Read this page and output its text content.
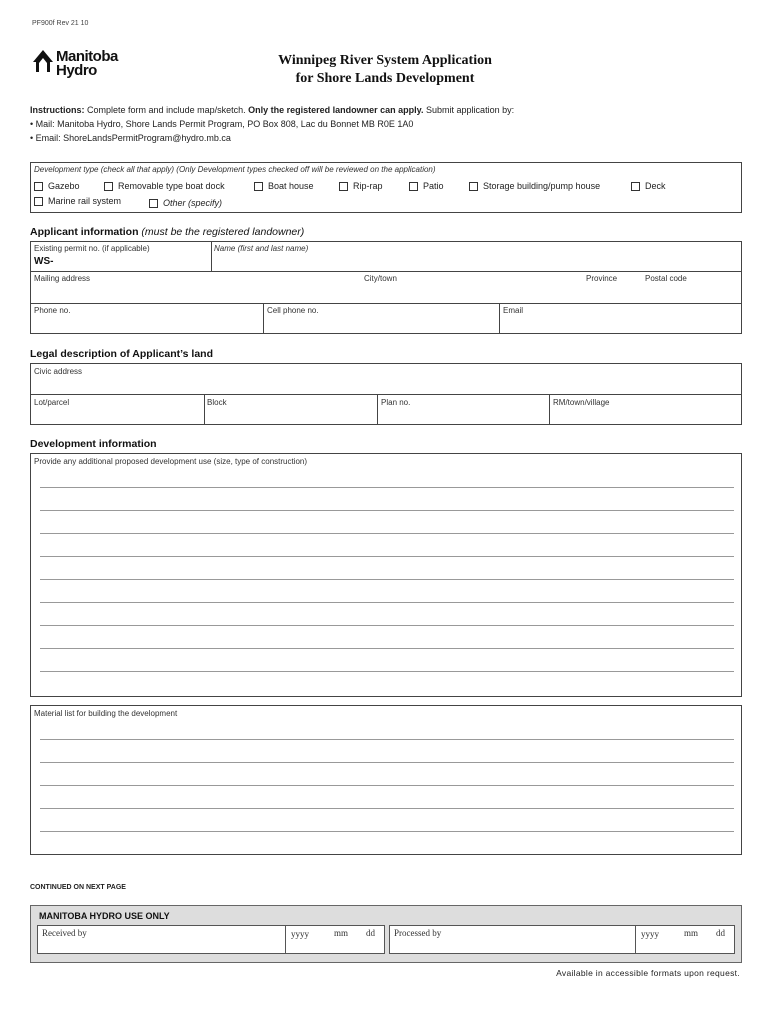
PF900f Rev 21 10
Manitoba
Hydro
Winnipeg River System Application
for Shore Lands Development
Instructions: Complete form and include map/sketch. Only the registered landowner can apply. Submit application by:
• Mail: Manitoba Hydro, Shore Lands Permit Program, PO Box 808, Lac du Bonnet MB R0E 1A0
• Email: ShoreLandsPermitProgram@hydro.mb.ca
Development type (check all that apply) (Only Development types checked off will be reviewed on the application)
Gazebo	Removable type boat dock	Boat house	Rip-rap	Patio	Storage building/pump house	Deck
Marine rail system	Other (specify)
Applicant information (must be the registered landowner)
Existing permit no. (if applicable)
WS-
Name (first and last name)
Mailing address	City/town	Province	Postal code
Phone no.	Cell phone no.	Email
Legal description of Applicant’s land
Civic address
Lot/parcel	Block	Plan no.	RM/town/village
Development information
Provide any additional proposed development use (size, type of construction)
Material list for building the development
CONTINUED ON NEXT PAGE
MANITOBA HYDRO USE ONLY
Received by	yyyy	mm dd Processed by	yyyy	mm dd
Available in accessible formats upon request.
